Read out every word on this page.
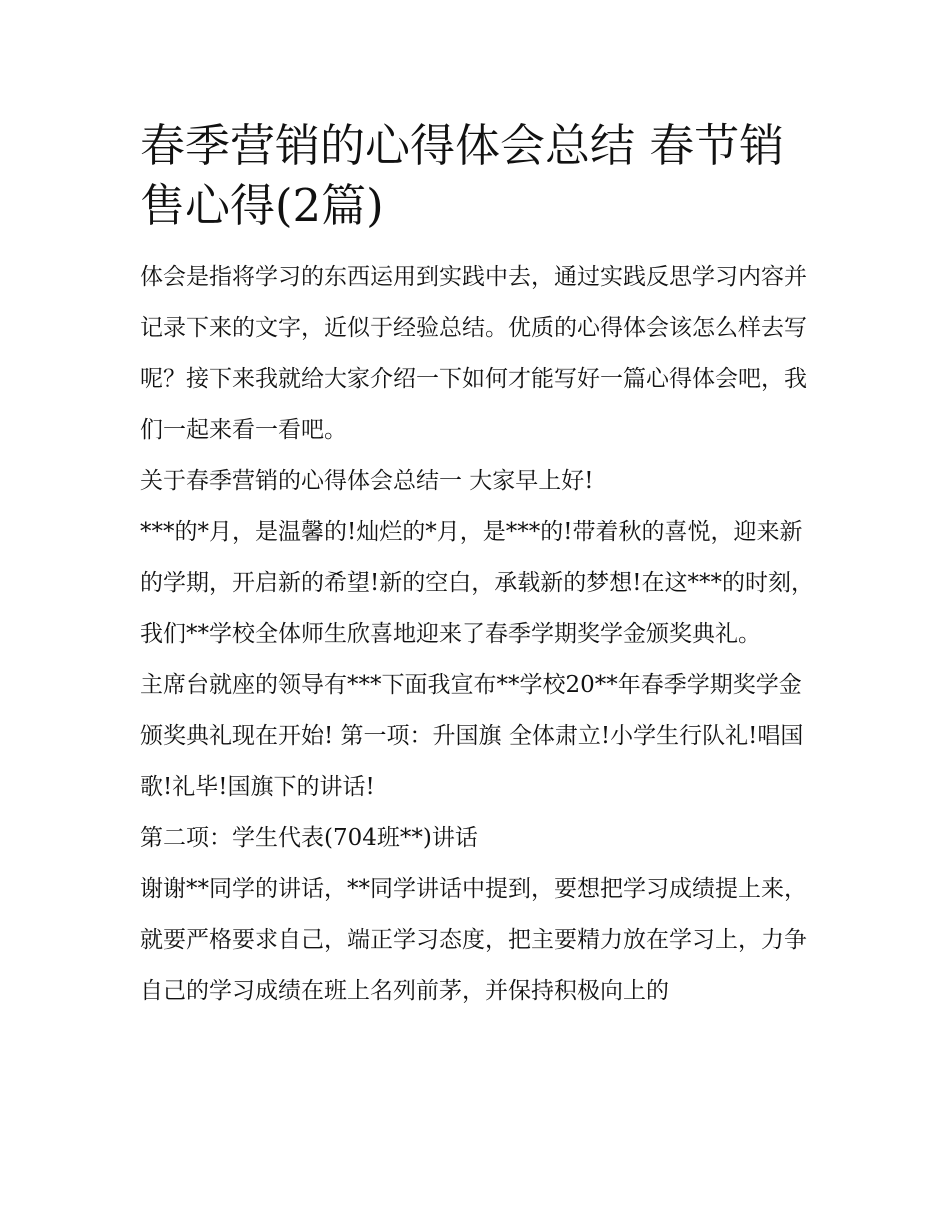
春季营销的心得体会总结 春节销售心得(2篇)

体会是指将学习的东西运用到实践中去，通过实践反思学习内容并记录下来的文字，近似于经验总结。优质的心得体会该怎么样去写呢？接下来我就给大家介绍一下如何才能写好一篇心得体会吧，我们一起来看一看吧。

关于春季营销的心得体会总结一 大家早上好!

***的*月，是温馨的!灿烂的*月，是***的!带着秋的喜悦，迎来新的学期，开启新的希望!新的空白，承载新的梦想!在这***的时刻，我们**学校全体师生欣喜地迎来了春季学期奖学金颁奖典礼。

主席台就座的领导有***下面我宣布**学校20**年春季学期奖学金颁奖典礼现在开始! 第一项：升国旗 全体肃立!小学生行队礼!唱国歌!礼毕!国旗下的讲话!

第二项：学生代表(704班**)讲话

谢谢**同学的讲话，**同学讲话中提到，要想把学习成绩提上来，就要严格要求自己，端正学习态度，把主要精力放在学习上，力争自己的学习成绩在班上名列前茅，并保持积极向上的
